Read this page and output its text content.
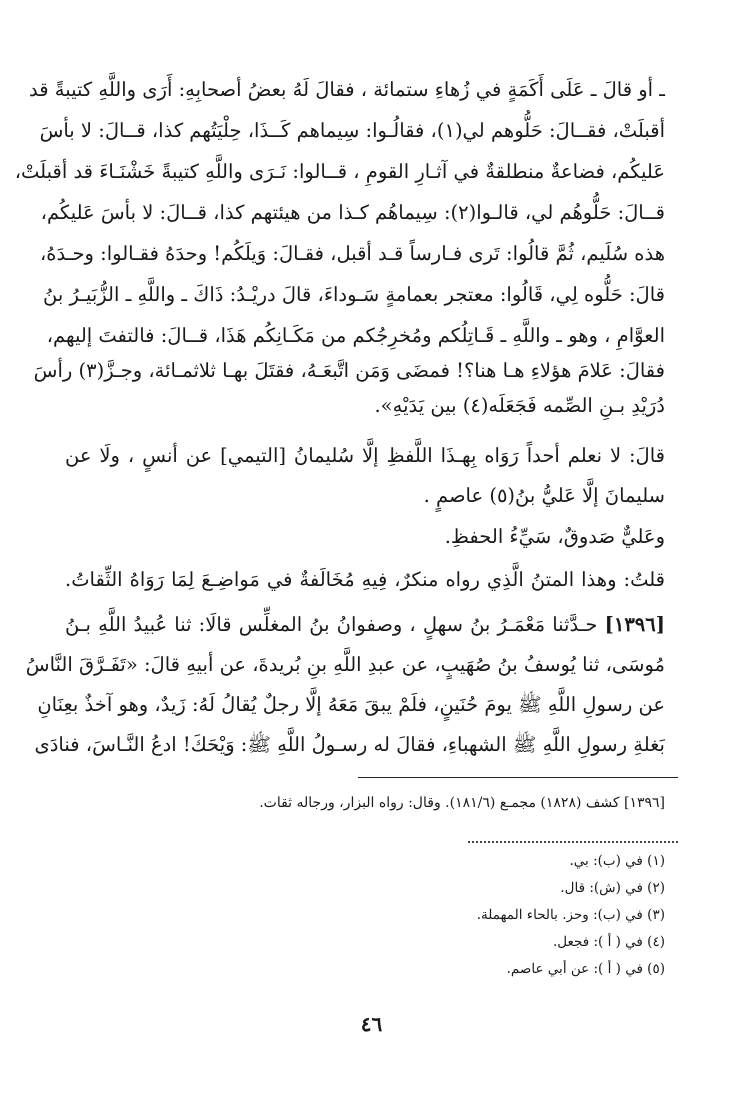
ـ أو قالَ ـ عَلَى أَكَمَةٍ في زُهاءِ ستمائة ، فقالَ لَهُ بعضُ أصحابِهِ: أَرَى واللَّهِ كتيبةً قد
أقبلَتْ، فقــالَ: حَلُّوهم لي(١)، فقالُـوا: سِيماهم كَــذَا، حِلْيَتُهم كذا، قــالَ: لا بأسَ
عَليكُم، فضاعةٌ منطلقةٌ في آثـارِ القومِ ، قــالوا: نَـرَى واللَّهِ كتيبةً خَشْنَـاءَ قد أقبلَتْ،
قــالَ: حَلُّوهُم لي، قالـوا(٢): سِيماهُم كـذا من هيئتهم كذا، قــالَ: لا بأسَ عَليكُم،
هذه سُلَيم، ثُمَّ قالُوا: تَرى فـارساً قـد أقبل، فقـالَ: وَيلَكُم! وحدَهُ فقـالوا: وحـدَهُ،
قالَ: حَلُّوه لِي، قَالُوا: معتجر بعمامةٍ سَـوداءَ، قالَ دريْـدُ: ذَاكَ ـ واللَّهِ ـ الزُّبَيـرُ بنُ
العوَّامِ ، وهو ـ واللَّهِ ـ قَـاتِلُكم ومُخرِجُكم من مَكَـانِكُم هَذَا، قــالَ: فالتفتَ إليهم،
فقالَ: عَلامَ هؤلاءِ هـا هنا؟! فمضَى وَمَن اتَّبعَـهُ، فقتَلَ بهـا ثلاثمـائة، وجـزَّ(٣) رأسَ
دُرَيْدِ بـنِ الصِّمه فَجَعَلَه(٤) بين يَدَيْهِ».
قالَ: لا نعلم أحداً رَوَاه بِهـذَا اللَّفظِ إلَّا سُليمانُ [التيمي] عن أنسٍ ، ولَا عن
سليمانَ إلَّا عَليُّ بنُ(٥) عاصمٍ .
وعَليٌّ صَدوقٌ، سَيِّءُ الحفظِ.
قلتُ: وهذا المتنُ الَّذِي رواه منكرٌ، فِيهِ مُخَالَفةٌ في مَواضِـعَ لِمَا رَوَاهُ الثِّقاتُ.
[١٣٩٦] حـدَّثنا مَعْمَـرُ بنُ سهلٍ ، وصفوانُ بنُ المغلِّس قالَا: ثنا عُبيدُ اللَّهِ بـنُ
مُوسَى، ثنا يُوسفُ بنُ صُهَيبٍ، عن عبدِ اللَّهِ بنِ بُريدةَ، عن أبيهِ قالَ: «تَفَـرَّقَ النَّاسُ
عن رسولِ اللَّهِ ﷺ يومَ حُنَينٍ، فلَمْ يبقَ مَعَهُ إلَّا رجلٌ يُقالُ لَهُ: زَيدٌ، وهو آخذٌ بعِنَانِ
بَغلةِ رسولِ اللَّهِ ﷺ الشهباءِ، فقالَ له رسـولُ اللَّهِ ﷺ: وَيْحَكَ! ادعُ النَّـاسَ، فنادَى
[١٣٩٦] كشف (١٨٢٨) مجمـع (١٨١/٦). وقال: رواه البزار، ورجاله ثقات.
(١) في (ب): بي.
(٢) في (ش): قال.
(٣) في (ب): وحز. بالحاء المهملة.
(٤) في ( أ ): فجعل.
(٥) في ( أ ): عن أبي عاصم.
٤٦
